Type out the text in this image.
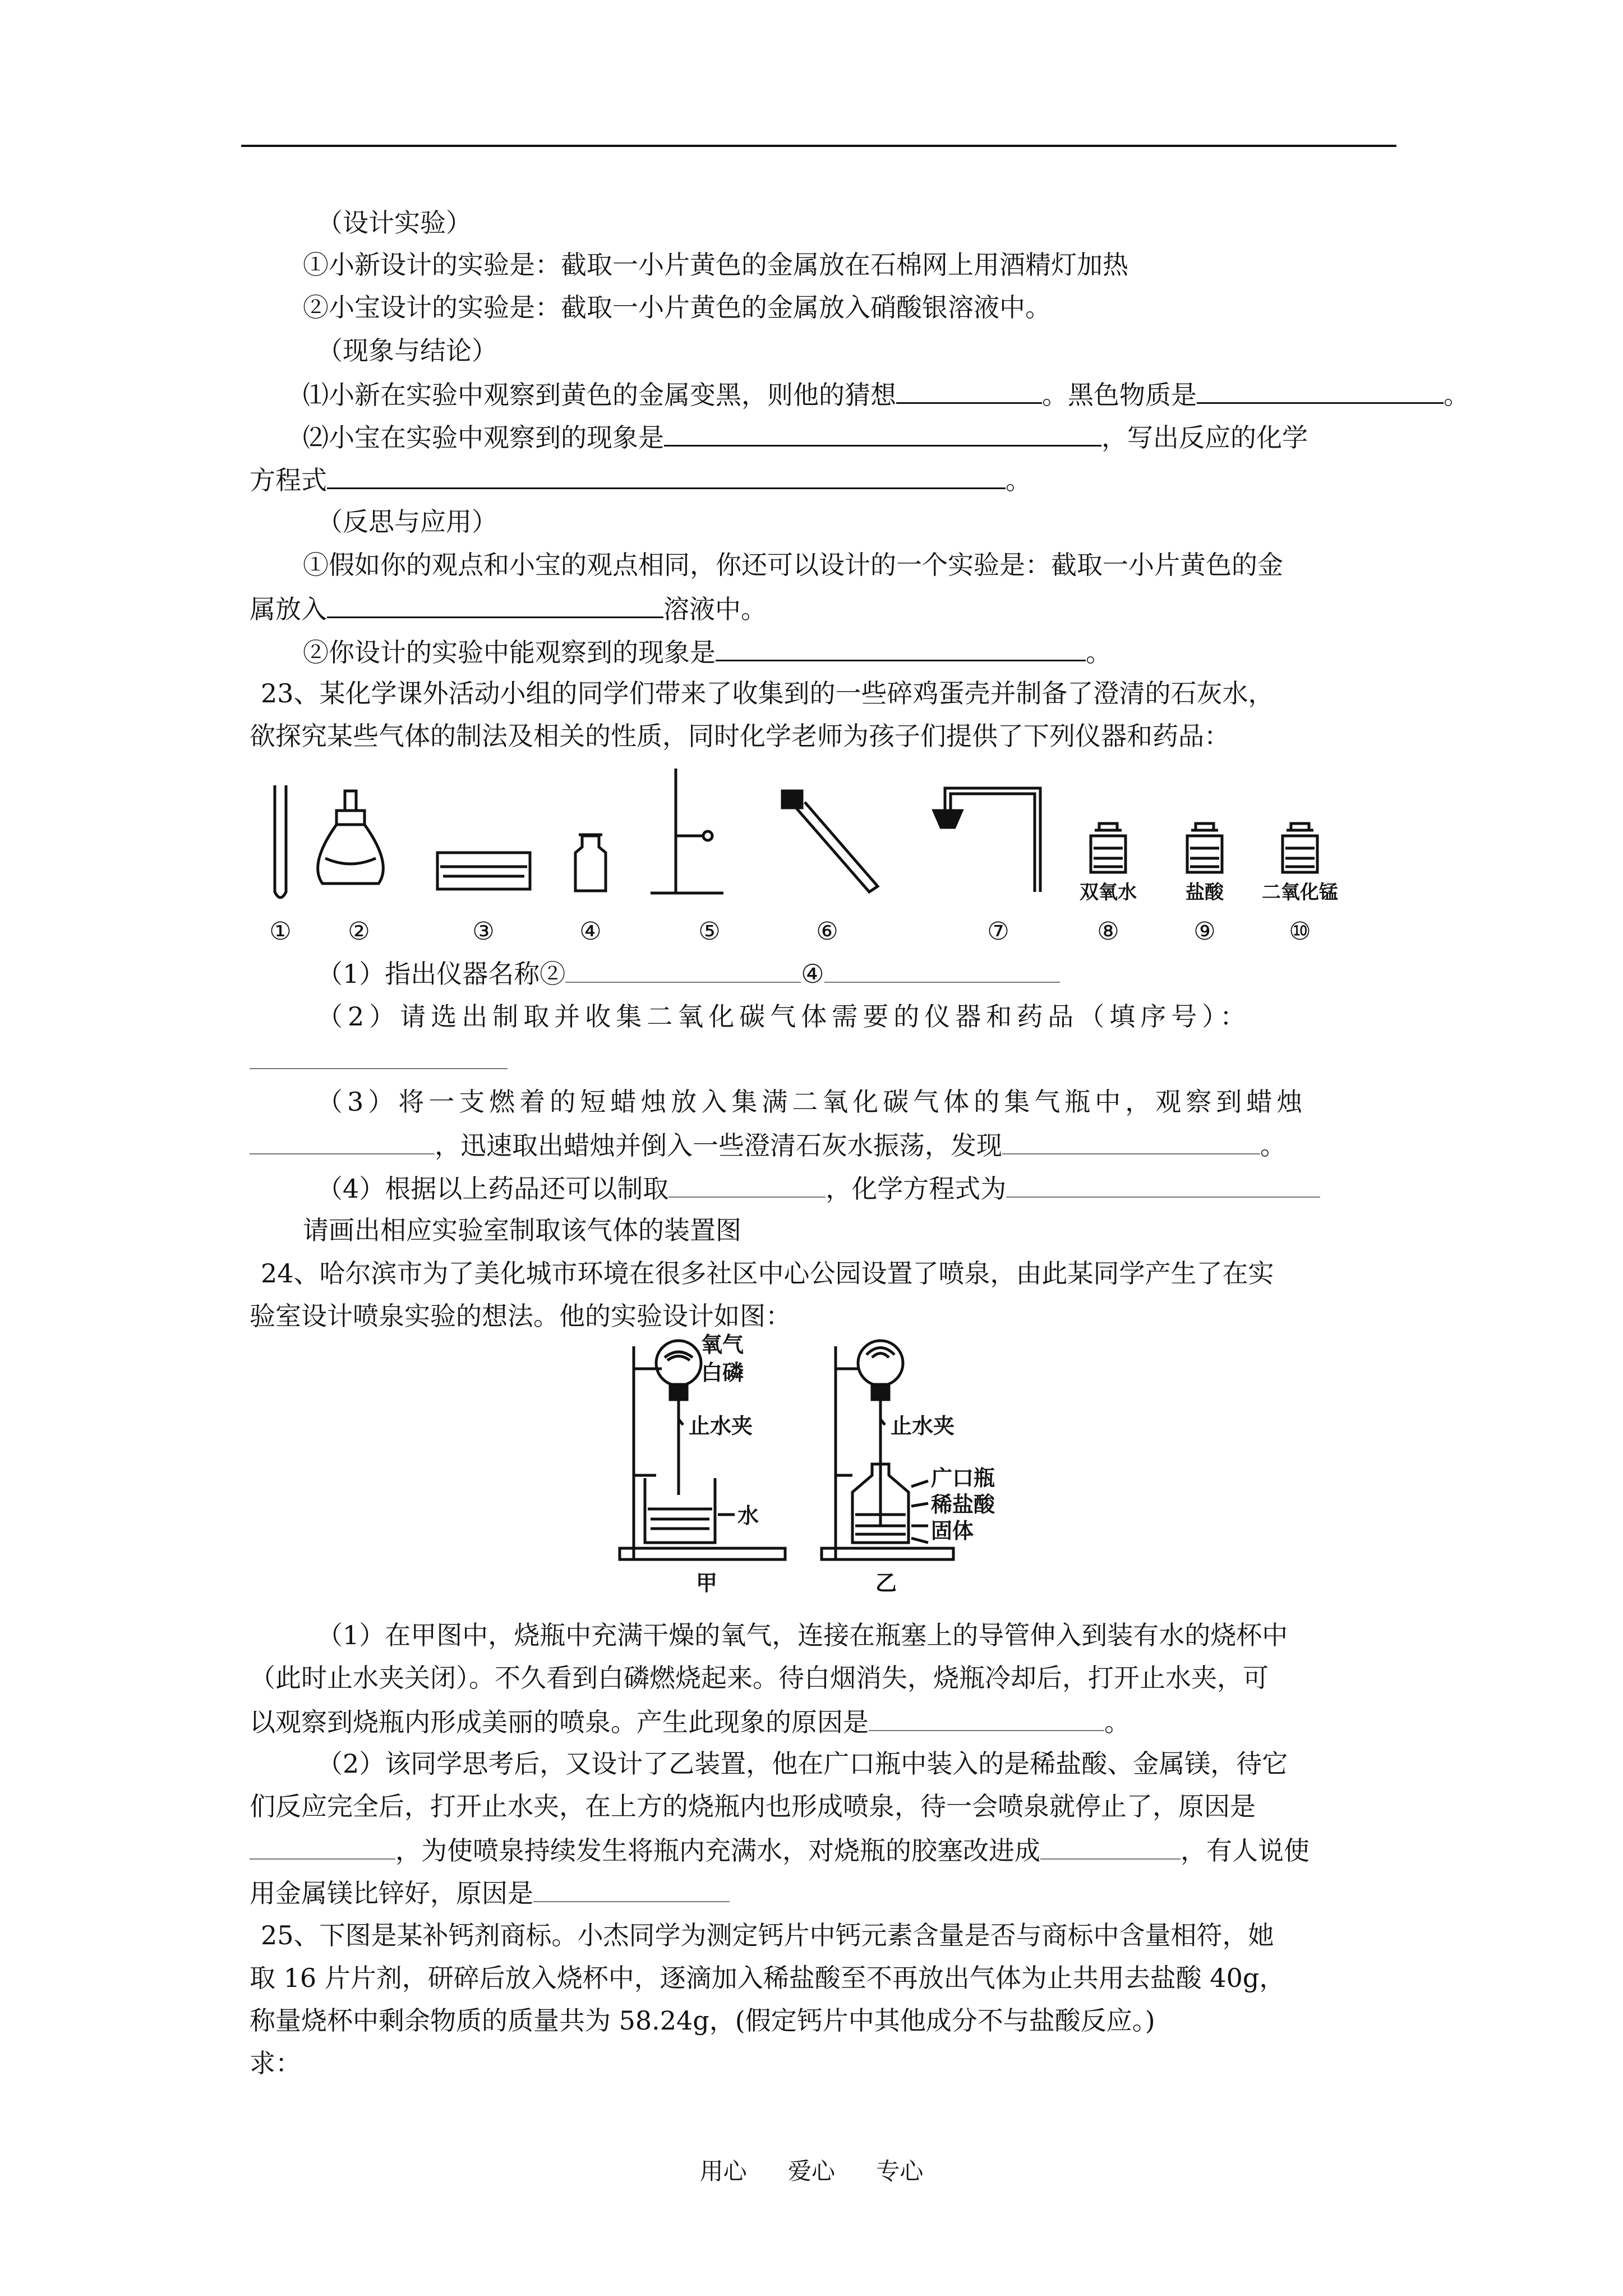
（设计实验）
①小新设计的实验是：截取一小片黄色的金属放在石棉网上用酒精灯加热
②小宝设计的实验是：截取一小片黄色的金属放入硝酸银溶液中。
（现象与结论）
⑴小新在实验中观察到黄色的金属变黑，则他的猜想	。黑色物质是	。
⑵小宝在实验中观察到的现象是	，写出反应的化学
方程式	。
（反思与应用）
①假如你的观点和小宝的观点相同，你还可以设计的一个实验是：截取一小片黄色的金
属放入	溶液中。
②你设计的实验中能观察到的现象是	。
23、某化学课外活动小组的同学们带来了收集到的一些碎鸡蛋壳并制备了澄清的石灰水，
欲探究某些气体的制法及相关的性质，同时化学老师为孩子们提供了下列仪器和药品：
① ②	③	④	⑤	⑥	⑦	⑧	⑨	⑩
双氧水	盐酸 二氧化锰
（1）指出仪器名称②	④
（2）请选出制取并收集二氧化碳气体需要的仪器和药品（填序号）：
（3）将一支燃着的短蜡烛放入集满二氧化碳气体的集气瓶中，观察到蜡烛
，迅速取出蜡烛并倒入一些澄清石灰水振荡，发现	。
（4）根据以上药品还可以制取	，化学方程式为
请画出相应实验室制取该气体的装置图
24、哈尔滨市为了美化城市环境在很多社区中心公园设置了喷泉，由此某同学产生了在实
验室设计喷泉实验的想法。他的实验设计如图：
氧气
白磷
止水夹
水
甲
止水夹
广口瓶
稀盐酸
固体
乙
（1）在甲图中，烧瓶中充满干燥的氧气，连接在瓶塞上的导管伸入到装有水的烧杯中
（此时止水夹关闭）。不久看到白磷燃烧起来。待白烟消失，烧瓶冷却后，打开止水夹，可
以观察到烧瓶内形成美丽的喷泉。产生此现象的原因是	。
（2）该同学思考后，又设计了乙装置，他在广口瓶中装入的是稀盐酸、金属镁，待它
们反应完全后，打开止水夹，在上方的烧瓶内也形成喷泉，待一会喷泉就停止了，原因是
，为使喷泉持续发生将瓶内充满水，对烧瓶的胶塞改进成	，有人说使
用金属镁比锌好，原因是
25、下图是某补钙剂商标。小杰同学为测定钙片中钙元素含量是否与商标中含量相符，她
取 16 片片剂，研碎后放入烧杯中，逐滴加入稀盐酸至不再放出气体为止共用去盐酸 40g，
称量烧杯中剩余物质的质量共为 58.24g，(假定钙片中其他成分不与盐酸反应。)
求：
用心 爱心 专心
